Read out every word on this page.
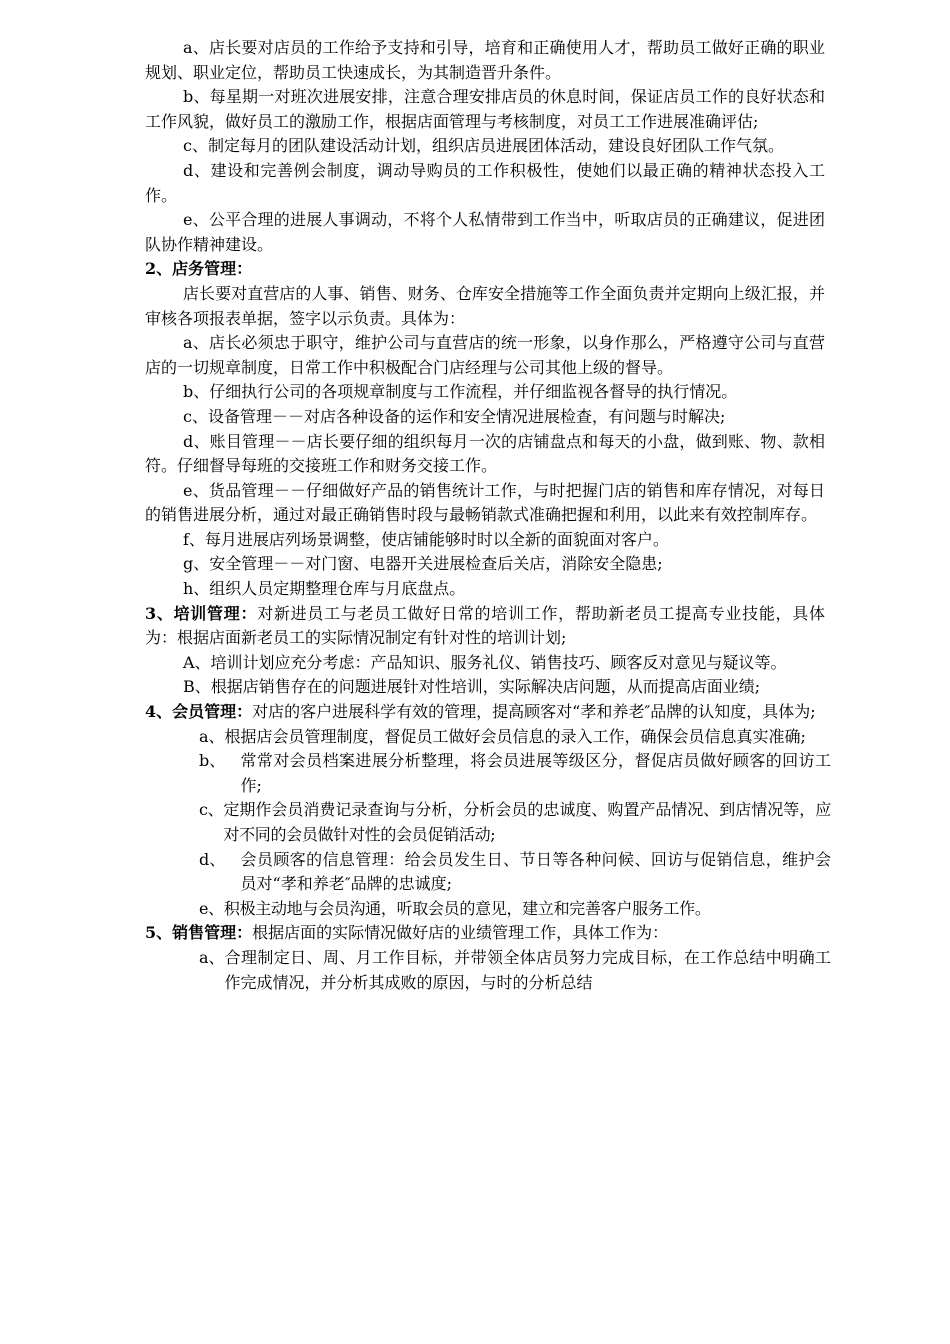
a、店长要对店员的工作给予支持和引导，培育和正确使用人才，帮助员工做好正确的职业规划、职业定位，帮助员工快速成长，为其制造晋升条件。

b、每星期一对班次进展安排，注意合理安排店员的休息时间，保证店员工作的良好状态和工作风貌，做好员工的激励工作，根据店面管理与考核制度，对员工工作进展准确评估;

c、制定每月的团队建设活动计划，组织店员进展团体活动，建设良好团队工作气氛。

d、建设和完善例会制度，调动导购员的工作积极性，使她们以最正确的精神状态投入工作。

e、公平合理的进展人事调动，不将个人私情带到工作当中，听取店员的正确建议，促进团队协作精神建设。

2、店务管理：

店长要对直营店的人事、销售、财务、仓库安全措施等工作全面负责并定期向上级汇报，并审核各项报表单据，签字以示负责。具体为：

a、店长必须忠于职守，维护公司与直营店的统一形象，以身作那么，严格遵守公司与直营店的一切规章制度，日常工作中积极配合门店经理与公司其他上级的督导。

b、仔细执行公司的各项规章制度与工作流程，并仔细监视各督导的执行情况。

c、设备管理－－对店各种设备的运作和安全情况进展检查，有问题与时解决;

d、账目管理－－店长要仔细的组织每月一次的店铺盘点和每天的小盘，做到账、物、款相符。仔细督导每班的交接班工作和财务交接工作。

e、货品管理－－仔细做好产品的销售统计工作，与时把握门店的销售和库存情况，对每日的销售进展分析，通过对最正确销售时段与最畅销款式准确把握和利用，以此来有效控制库存。

f、每月进展店列场景调整，使店铺能够时时以全新的面貌面对客户。

g、安全管理－－对门窗、电器开关进展检查后关店，消除安全隐患;

h、组织人员定期整理仓库与月底盘点。

3、培训管理：对新进员工与老员工做好日常的培训工作，帮助新老员工提高专业技能，具体为：根据店面新老员工的实际情况制定有针对性的培训计划;

A、培训计划应充分考虑：产品知识、服务礼仪、销售技巧、顾客反对意见与疑议等。

B、根据店销售存在的问题进展针对性培训，实际解决店问题，从而提高店面业绩;

4、会员管理：对店的客户进展科学有效的管理，提高顾客对“孝和养老″品牌的认知度，具体为;

a、 根据店会员管理制度，督促员工做好会员信息的录入工作，确保会员信息真实准确;
b、 常常对会员档案进展分析整理，将会员进展等级区分，督促店员做好顾客的回访工作;
c、 定期作会员消费记录查询与分析，分析会员的忠诚度、购置产品情况、到店情况等，应对不同的会员做针对性的会员促销活动;
d、 会员顾客的信息管理：给会员发生日、节日等各种问候、回访与促销信息，维护会员对“孝和养老″品牌的忠诚度;
e、 积极主动地与会员沟通，听取会员的意见，建立和完善客户服务工作。

5、销售管理：根据店面的实际情况做好店的业绩管理工作，具体工作为：

a、 合理制定日、周、月工作目标，并带领全体店员努力完成目标，在工作总结中明确工作完成情况，并分析其成败的原因，与时的分析总结
